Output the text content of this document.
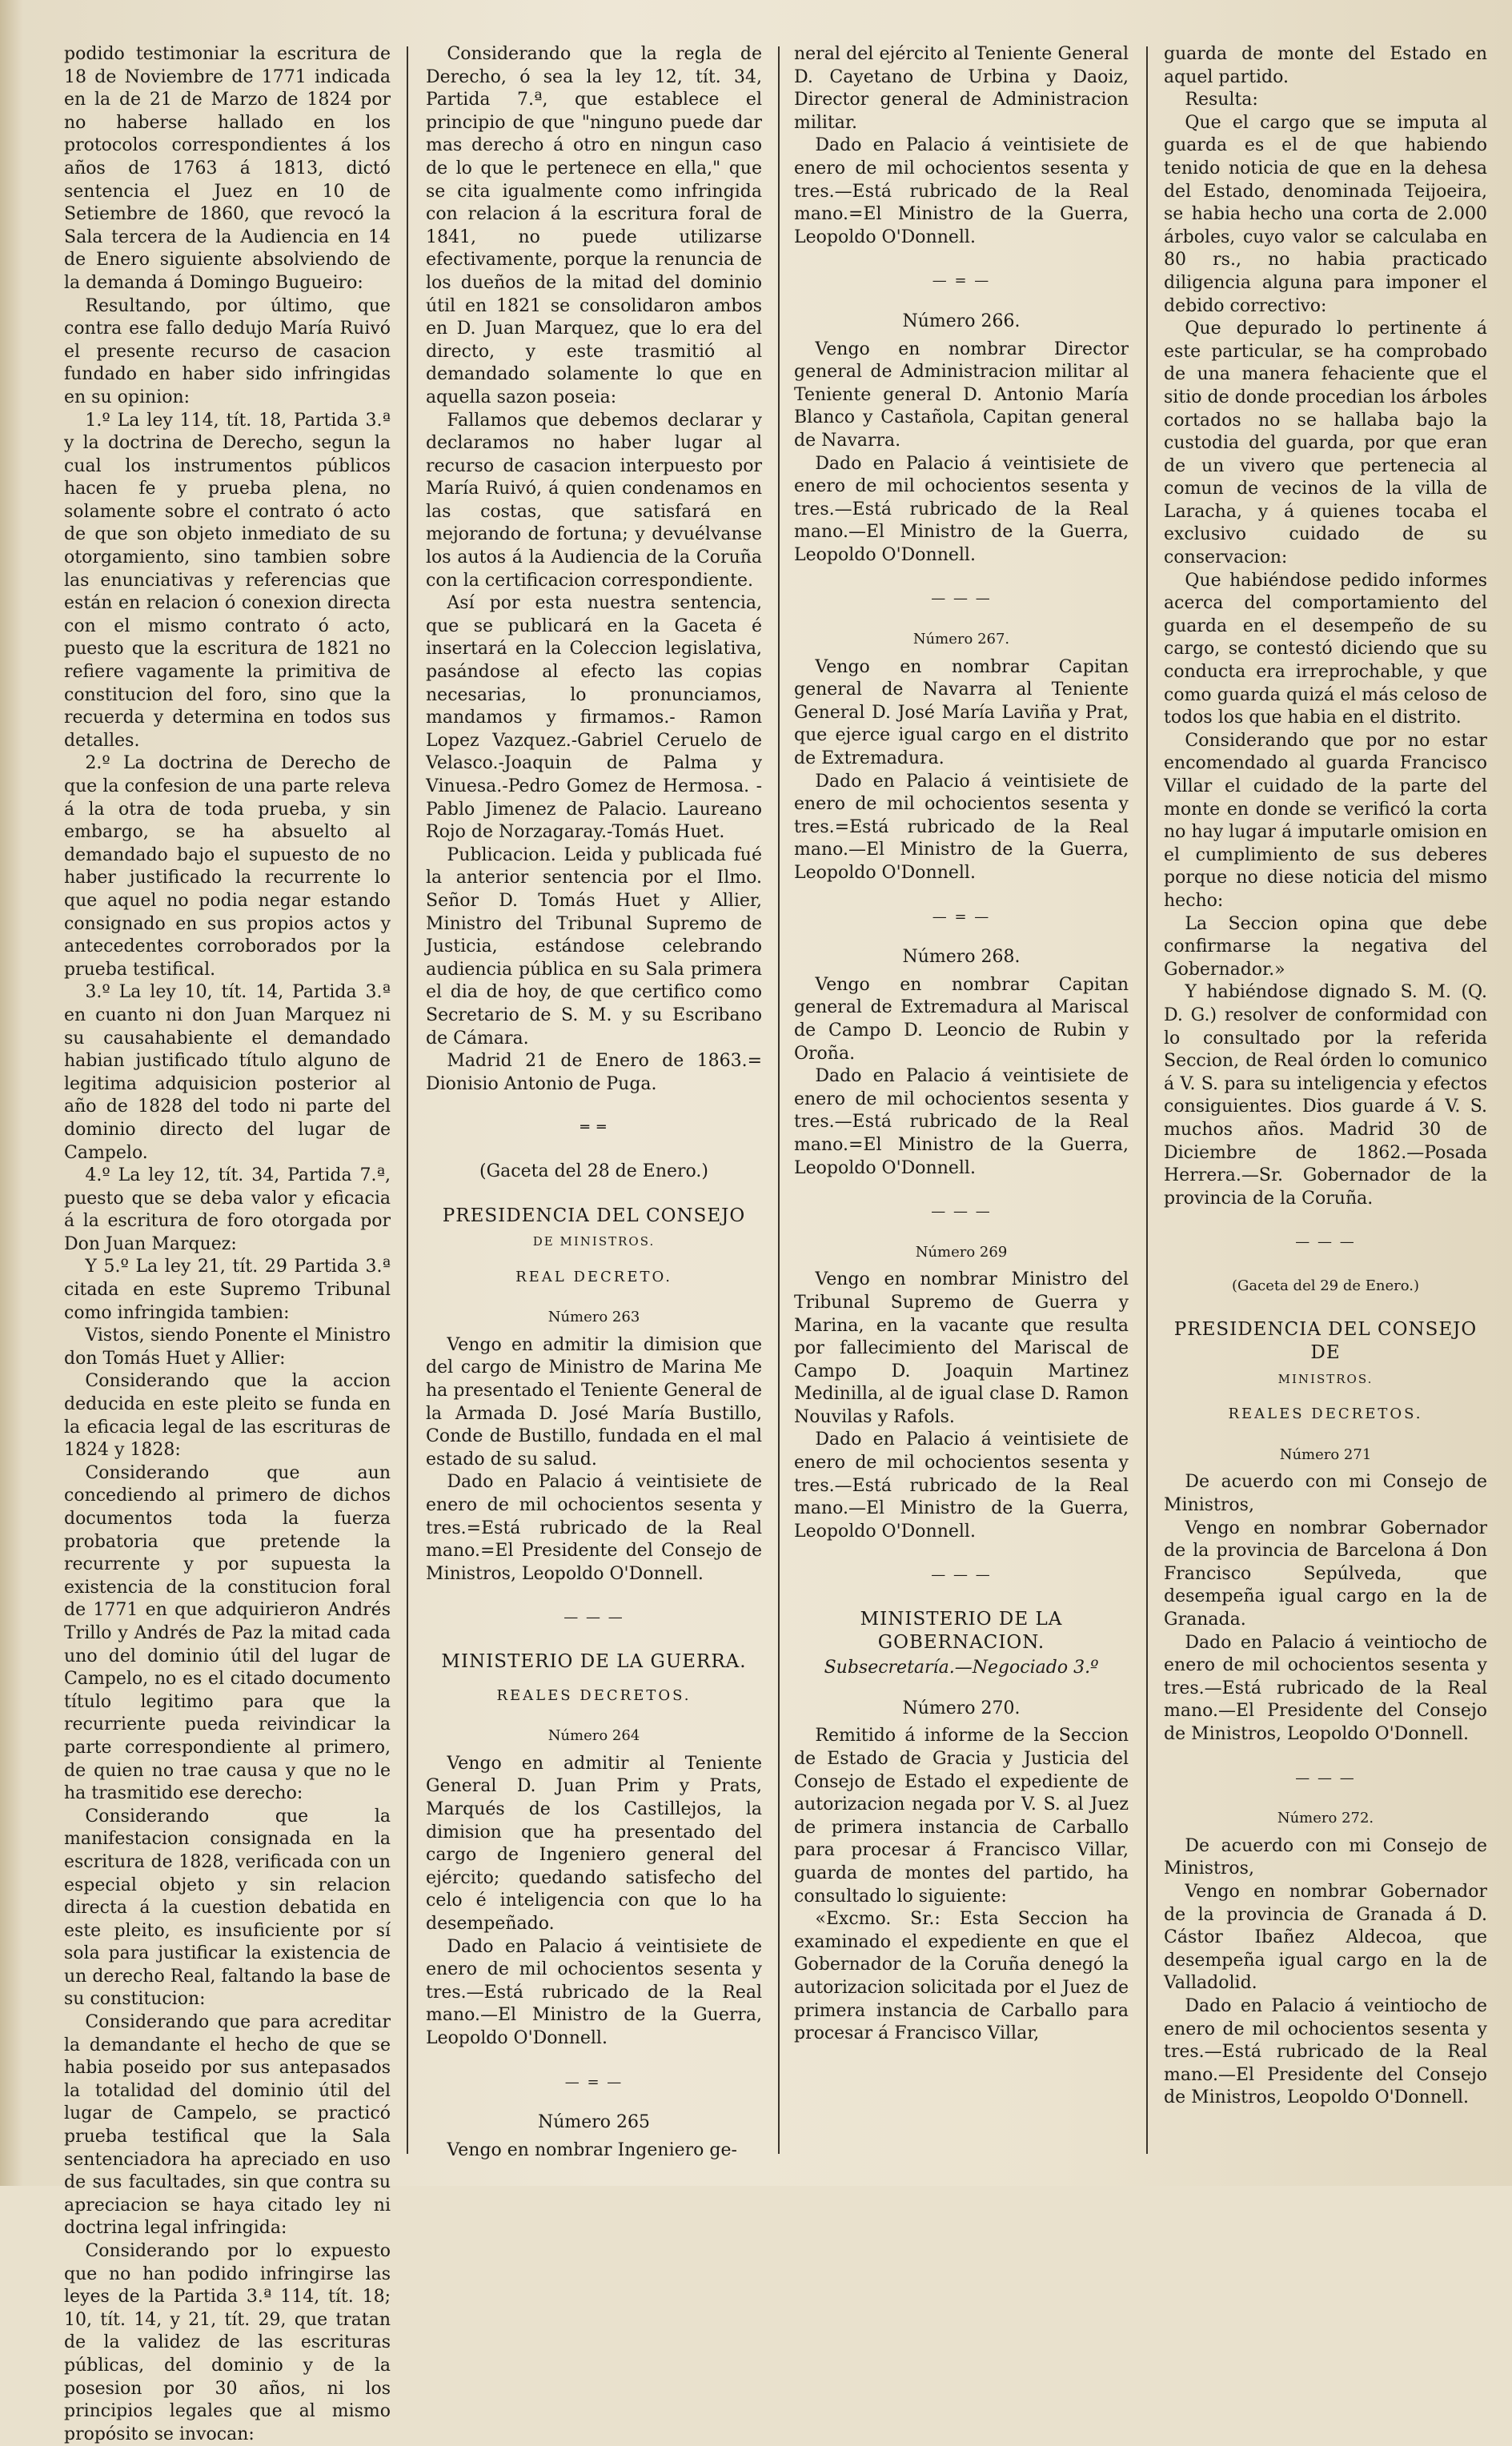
podido testimoniar la escritura de 18 de Noviembre de 1771 indicada en la de 21 de Marzo de 1824 por no haberse hallado en los protocolos correspondientes á los años de 1763 á 1813, dictó sentencia el Juez en 10 de Setiembre de 1860, que revocó la Sala tercera de la Audiencia en 14 de Enero siguiente absolviendo de la demanda á Domingo Bugueiro:

Resultando, por último, que contra ese fallo dedujo María Ruivó el presente recurso de casacion fundado en haber sido infringidas en su opinion:

1.º La ley 114, tít. 18, Partida 3.ª y la doctrina de Derecho, segun la cual los instrumentos públicos hacen fe y prueba plena, no solamente sobre el contrato ó acto de que son objeto inmediato de su otorgamiento, sino tambien sobre las enunciativas y referencias que están en relacion ó conexion directa con el mismo contrato ó acto, puesto que la escritura de 1821 no refiere vagamente la primitiva de constitucion del foro, sino que la recuerda y determina en todos sus detalles.

2.º La doctrina de Derecho de que la confesion de una parte releva á la otra de toda prueba, y sin embargo, se ha absuelto al demandado bajo el supuesto de no haber justificado la recurrente lo que aquel no podia negar estando consignado en sus propios actos y antecedentes corroborados por la prueba testifical.

3.º La ley 10, tít. 14, Partida 3.ª en cuanto ni don Juan Marquez ni su causahabiente el demandado habian justificado título alguno de legitima adquisicion posterior al año de 1828 del todo ni parte del dominio directo del lugar de Campelo.

4.º La ley 12, tít. 34, Partida 7.ª, puesto que se deba valor y eficacia á la escritura de foro otorgada por Don Juan Marquez:

Y 5.º La ley 21, tít. 29 Partida 3.ª citada en este Supremo Tribunal como infringida tambien:

Vistos, siendo Ponente el Ministro don Tomás Huet y Allier:

Considerando que la accion deducida en este pleito se funda en la eficacia legal de las escrituras de 1824 y 1828:

Considerando que aun concediendo al primero de dichos documentos toda la fuerza probatoria que pretende la recurrente y por supuesta la existencia de la constitucion foral de 1771 en que adquirieron Andrés Trillo y Andrés de Paz la mitad cada uno del dominio útil del lugar de Campelo, no es el citado documento título legitimo para que la recurriente pueda reivindicar la parte correspondiente al primero, de quien no trae causa y que no le ha trasmitido ese derecho:

Considerando que la manifestacion consignada en la escritura de 1828, verificada con un especial objeto y sin relacion directa á la cuestion debatida en este pleito, es insuficiente por sí sola para justificar la existencia de un derecho Real, faltando la base de su constitucion:

Considerando que para acreditar la demandante el hecho de que se habia poseido por sus antepasados la totalidad del dominio útil del lugar de Campelo, se practicó prueba testifical que la Sala sentenciadora ha apreciado en uso de sus facultades, sin que contra su apreciacion se haya citado ley ni doctrina legal infringida:

Considerando por lo expuesto que no han podido infringirse las leyes de la Partida 3.ª 114, tít. 18; 10, tít. 14, y 21, tít. 29, que tratan de la validez de las escrituras públicas, del dominio y de la posesion por 30 años, ni los principios legales que al mismo propósito se invocan:

Considerando que la regla de Derecho, ó sea la ley 12, tít. 34, Partida 7.ª, que establece el principio de que "ninguno puede dar mas derecho á otro en ningun caso de lo que le pertenece en ella," que se cita igualmente como infringida con relacion á la escritura foral de 1841, no puede utilizarse efectivamente, porque la renuncia de los dueños de la mitad del dominio útil en 1821 se consolidaron ambos en D. Juan Marquez, que lo era del directo, y este trasmitió al demandado solamente lo que en aquella sazon poseia:

Fallamos que debemos declarar y declaramos no haber lugar al recurso de casacion interpuesto por María Ruivó, á quien condenamos en las costas, que satisfará en mejorando de fortuna; y devuélvanse los autos á la Audiencia de la Coruña con la certificacion correspondiente.

Así por esta nuestra sentencia, que se publicará en la Gaceta é insertará en la Coleccion legislativa, pasándose al efecto las copias necesarias, lo pronunciamos, mandamos y firmamos.- Ramon Lopez Vazquez.-Gabriel Ceruelo de Velasco.-Joaquin de Palma y Vinuesa.-Pedro Gomez de Hermosa. -Pablo Jimenez de Palacio. Laureano Rojo de Norzagaray.-Tomás Huet.

Publicacion. Leida y publicada fué la anterior sentencia por el Ilmo. Señor D. Tomás Huet y Allier, Ministro del Tribunal Supremo de Justicia, estándose celebrando audiencia pública en su Sala primera el dia de hoy, de que certifico como Secretario de S. M. y su Escribano de Cámara.

Madrid 21 de Enero de 1863.= Dionisio Antonio de Puga.

═ ═
(Gaceta del 28 de Enero.)
PRESIDENCIA DEL CONSEJO
DE MINISTROS.
REAL DECRETO.
Número 263

Vengo en admitir la dimision que del cargo de Ministro de Marina Me ha presentado el Teniente General de la Armada D. José María Bustillo, Conde de Bustillo, fundada en el mal estado de su salud.

Dado en Palacio á veintisiete de enero de mil ochocientos sesenta y tres.=Está rubricado de la Real mano.=El Presidente del Consejo de Ministros, Leopoldo O'Donnell.

— — —
MINISTERIO DE LA GUERRA.
REALES DECRETOS.
Número 264

Vengo en admitir al Teniente General D. Juan Prim y Prats, Marqués de los Castillejos, la dimision que ha presentado del cargo de Ingeniero general del ejército; quedando satisfecho del celo é inteligencia con que lo ha desempeñado.

Dado en Palacio á veintisiete de enero de mil ochocientos sesenta y tres.—Está rubricado de la Real mano.—El Ministro de la Guerra, Leopoldo O'Donnell.

— = —
Número 265

Vengo en nombrar Ingeniero ge-

neral del ejército al Teniente General D. Cayetano de Urbina y Daoiz, Director general de Administracion militar.

Dado en Palacio á veintisiete de enero de mil ochocientos sesenta y tres.—Está rubricado de la Real mano.=El Ministro de la Guerra, Leopoldo O'Donnell.

— = —
Número 266.

Vengo en nombrar Director general de Administracion militar al Teniente general D. Antonio María Blanco y Castañola, Capitan general de Navarra.

Dado en Palacio á veintisiete de enero de mil ochocientos sesenta y tres.—Está rubricado de la Real mano.—El Ministro de la Guerra, Leopoldo O'Donnell.

— — —
Número 267.

Vengo en nombrar Capitan general de Navarra al Teniente General D. José María Laviña y Prat, que ejerce igual cargo en el distrito de Extremadura.

Dado en Palacio á veintisiete de enero de mil ochocientos sesenta y tres.=Está rubricado de la Real mano.—El Ministro de la Guerra, Leopoldo O'Donnell.

— = —
Número 268.

Vengo en nombrar Capitan general de Extremadura al Mariscal de Campo D. Leoncio de Rubin y Oroña.

Dado en Palacio á veintisiete de enero de mil ochocientos sesenta y tres.—Está rubricado de la Real mano.=El Ministro de la Guerra, Leopoldo O'Donnell.

— — —
Número 269

Vengo en nombrar Ministro del Tribunal Supremo de Guerra y Marina, en la vacante que resulta por fallecimiento del Mariscal de Campo D. Joaquin Martinez Medinilla, al de igual clase D. Ramon Nouvilas y Rafols.

Dado en Palacio á veintisiete de enero de mil ochocientos sesenta y tres.—Está rubricado de la Real mano.—El Ministro de la Guerra, Leopoldo O'Donnell.

— — —
MINISTERIO DE LA GOBERNACION.
Subsecretaría.—Negociado 3.º
Número 270.

Remitido á informe de la Seccion de Estado de Gracia y Justicia del Consejo de Estado el expediente de autorizacion negada por V. S. al Juez de primera instancia de Carballo para procesar á Francisco Villar, guarda de montes del partido, ha consultado lo siguiente:

«Excmo. Sr.: Esta Seccion ha examinado el expediente en que el Gobernador de la Coruña denegó la autorizacion solicitada por el Juez de primera instancia de Carballo para procesar á Francisco Villar,

guarda de monte del Estado en aquel partido.

Resulta:

Que el cargo que se imputa al guarda es el de que habiendo tenido noticia de que en la dehesa del Estado, denominada Teijoeira, se habia hecho una corta de 2.000 árboles, cuyo valor se calculaba en 80 rs., no habia practicado diligencia alguna para imponer el debido correctivo:

Que depurado lo pertinente á este particular, se ha comprobado de una manera fehaciente que el sitio de donde procedian los árboles cortados no se hallaba bajo la custodia del guarda, por que eran de un vivero que pertenecia al comun de vecinos de la villa de Laracha, y á quienes tocaba el exclusivo cuidado de su conservacion:

Que habiéndose pedido informes acerca del comportamiento del guarda en el desempeño de su cargo, se contestó diciendo que su conducta era irreprochable, y que como guarda quizá el más celoso de todos los que habia en el distrito.

Considerando que por no estar encomendado al guarda Francisco Villar el cuidado de la parte del monte en donde se verificó la corta no hay lugar á imputarle omision en el cumplimiento de sus deberes porque no diese noticia del mismo hecho:

La Seccion opina que debe confirmarse la negativa del Gobernador.»

Y habiéndose dignado S. M. (Q. D. G.) resolver de conformidad con lo consultado por la referida Seccion, de Real órden lo comunico á V. S. para su inteligencia y efectos consiguientes. Dios guarde á V. S. muchos años. Madrid 30 de Diciembre de 1862.—Posada Herrera.—Sr. Gobernador de la provincia de la Coruña.

— — —
(Gaceta del 29 de Enero.)
PRESIDENCIA DEL CONSEJO DE
MINISTROS.
REALES DECRETOS.
Número 271

De acuerdo con mi Consejo de Ministros,

Vengo en nombrar Gobernador de la provincia de Barcelona á Don Francisco Sepúlveda, que desempeña igual cargo en la de Granada.

Dado en Palacio á veintiocho de enero de mil ochocientos sesenta y tres.—Está rubricado de la Real mano.—El Presidente del Consejo de Ministros, Leopoldo O'Donnell.

— — —
Número 272.

De acuerdo con mi Consejo de Ministros,

Vengo en nombrar Gobernador de la provincia de Granada á D. Cástor Ibañez Aldecoa, que desempeña igual cargo en la de Valladolid.

Dado en Palacio á veintiocho de enero de mil ochocientos sesenta y tres.—Está rubricado de la Real mano.—El Presidente del Consejo de Ministros, Leopoldo O'Donnell.
